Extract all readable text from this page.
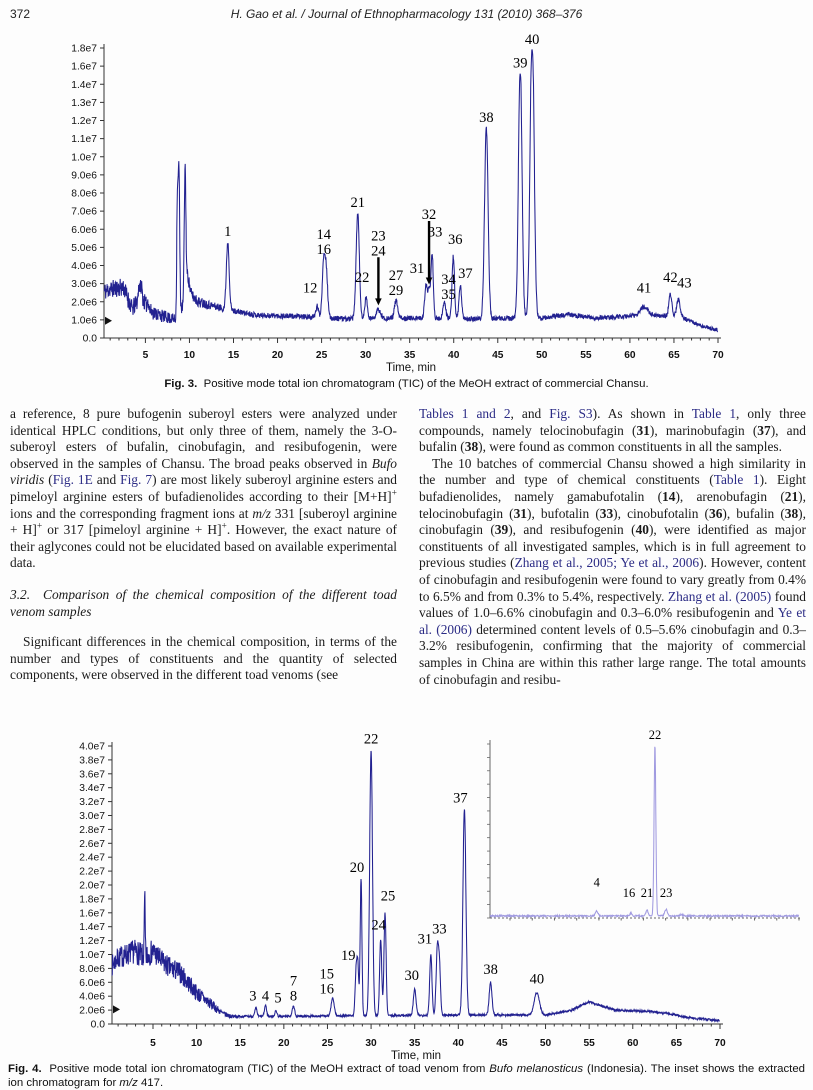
372	H. Gao et al. / Journal of Ethnopharmacology 131 (2010) 368–376
1.8e7
1.6e7
1.4e7
1.3e7
1.2e7
1.1e7
1.0e7
9.0e6
8.0e6
7.0e6
6.0e6
5.0e6
4.0e6
3.0e6
2.0e6
1.0e6
0.0
5	10	15	20	25	30	35	40	45	50	55	60	65	70
1
12
16
14
21
22
24
23
29
27 31
32
33
35
34
36
37
38
39
40
41
42 43
Time, min
Fig. 3.  Positive mode total ion chromatogram (TIC) of the MeOH extract of commercial Chansu.

a reference, 8 pure bufogenin suberoyl esters were analyzed under identical HPLC conditions, but only three of them, namely the 3-O-suberoyl esters of bufalin, cinobufagin, and resibufogenin, were observed in the samples of Chansu. The broad peaks observed in Bufo viridis (Fig. 1E and Fig. 7) are most likely suberoyl arginine esters and pimeloyl arginine esters of bufadienolides according to their [M+H]+ ions and the corresponding fragment ions at m/z 331 [suberoyl arginine + H]+ or 317 [pimeloyl arginine + H]+. However, the exact nature of their aglycones could not be elucidated based on available experimental data.

3.2.  Comparison of the chemical composition of the different toad venom samples

Significant differences in the chemical composition, in terms of the number and types of constituents and the quantity of selected components, were observed in the different toad venoms (see

Tables 1 and 2, and Fig. S3). As shown in Table 1, only three compounds, namely telocinobufagin (31), marinobufagin (37), and bufalin (38), were found as common constituents in all the samples.

The 10 batches of commercial Chansu showed a high similarity in the number and type of chemical constituents (Table 1). Eight bufadienolides, namely gamabufotalin (14), arenobufagin (21), telocinobufagin (31), bufotalin (33), cinobufotalin (36), bufalin (38), cinobufagin (39), and resibufogenin (40), were identified as major constituents of all investigated samples, which is in full agreement to previous studies (Zhang et al., 2005; Ye et al., 2006). However, content of cinobufagin and resibufogenin were found to vary greatly from 0.4% to 6.5% and from 0.3% to 5.4%, respectively. Zhang et al. (2005) found values of 1.0–6.6% cinobufagin and 0.3–6.0% resibufogenin and Ye et al. (2006) determined content levels of 0.5–5.6% cinobufagin and 0.3–3.2% resibufogenin, confirming that the majority of commercial samples in China are within this rather large range. The total amounts of cinobufagin and resibu-

4.0e7
3.8e7
3.6e7
3.4e7
3.2e7
3.0e7
2.8e7
2.6e7
2.4e7
2.2e7
2.0e7
1.8e7
1.6e7
1.4e7
1.2e7
1.0e7
8.0e6
6.0e6
4.0e6
2.0e6
0.0
5	10	15	20	25	30	35	40	45	50	55	60	65	70
3 4 5 8
7 16
15
19
20
22
24
25
30
31
33
37
38
40
Time, min
4
16 21
22
23
Fig. 4.  Positive mode total ion chromatogram (TIC) of the MeOH extract of toad venom from Bufo melanosticus (Indonesia). The inset shows the extracted ion chromatogram for m/z 417.
